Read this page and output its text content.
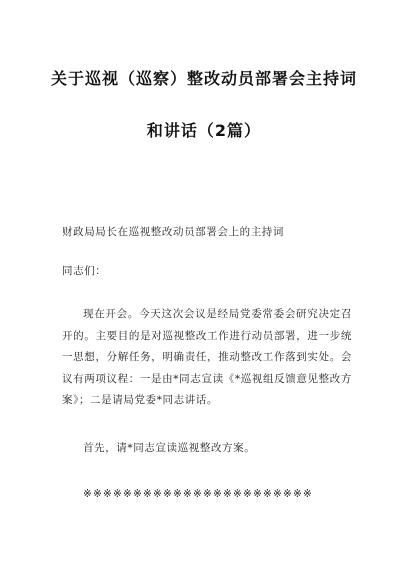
关于巡视（巡察）整改动员部署会主持词
和讲话（2篇）
财政局局长在巡视整改动员部署会上的主持词
同志们：
现在开会。今天这次会议是经局党委常委会研究决定召开的。主要目的是对巡视整改工作进行动员部署，进一步统一思想，分解任务，明确责任，推动整改工作落到实处。会议有两项议程：一是由*同志宣读《*巡视组反馈意见整改方案》；二是请局党委*同志讲话。
首先，请*同志宣读巡视整改方案。
※※※※※※※※※※※※※※※※※※※※※※※
